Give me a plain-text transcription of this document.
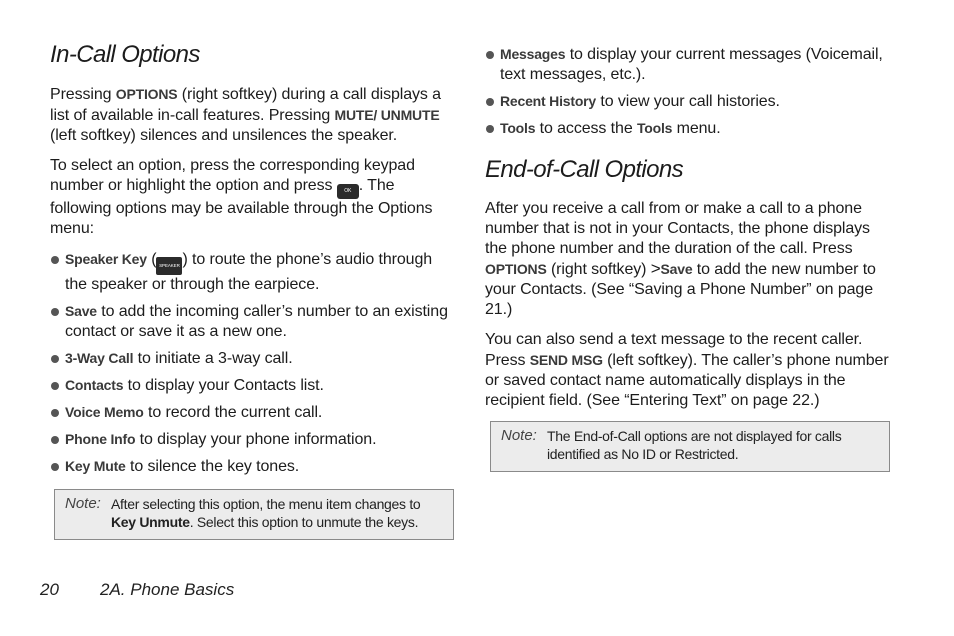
In-Call Options

Pressing OPTIONS (right softkey) during a call displays a list of available in-call features. Pressing MUTE/ UNMUTE (left softkey) silences and unsilences the speaker.

To select an option, press the corresponding keypad number or highlight the option and press OK . The following options may be available through the Options menu:

Speaker Key ( SPEAKER ) to route the phone’s audio through the speaker or through the earpiece.
Save to add the incoming caller’s number to an existing contact or save it as a new one.
3-Way Call to initiate a 3-way call.
Contacts to display your Contacts list.
Voice Memo to record the current call.
Phone Info to display your phone information.
Key Mute to silence the key tones.
Note: After selecting this option, the menu item changes to Key Unmute. Select this option to unmute the keys.
Messages to display your current messages (Voicemail, text messages, etc.).
Recent History to view your call histories.
Tools to access the Tools menu.
End-of-Call Options

After you receive a call from or make a call to a phone number that is not in your Contacts, the phone displays the phone number and the duration of the call. Press OPTIONS (right softkey) >Save to add the new number to your Contacts. (See “Saving a Phone Number” on page 21.)

You can also send a text message to the recent caller. Press SEND MSG (left softkey). The caller’s phone number or saved contact name automatically displays in the recipient field. (See “Entering Text” on page 22.)

Note: The End-of-Call options are not displayed for calls identified as No ID or Restricted.
20 2A. Phone Basics
